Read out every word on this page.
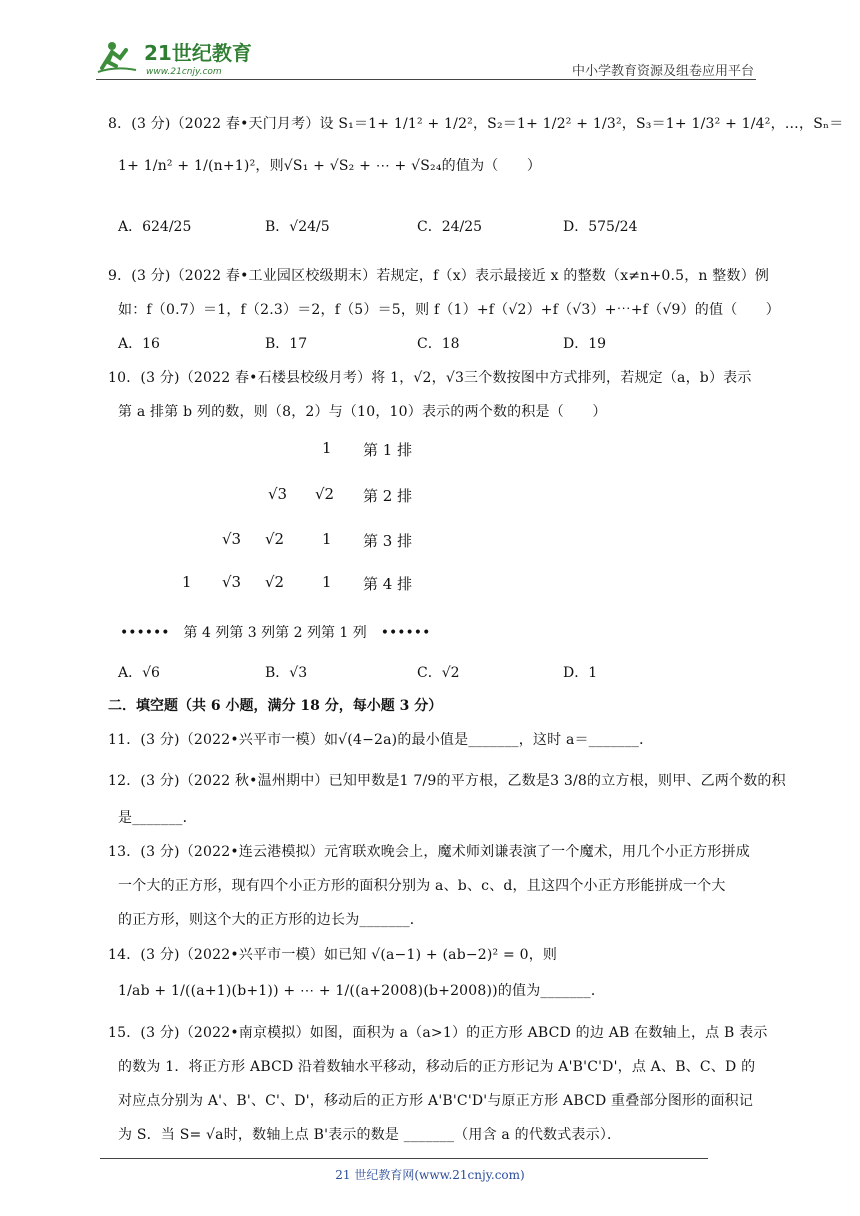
21世纪教育
www.21cnjy.com	中小学教育资源及组卷应用平台
8．(3 分)（2022 春•天门月考）设 S₁＝1+ 1/1² + 1/2²，S₂＝1+ 1/2² + 1/3²，S₃＝1+ 1/3² + 1/4²，…，Sₙ＝
1+ 1/n² + 1/(n+1)²，则√S₁ + √S₂ + ⋯ + √S₂₄的值为（　　）
A．624/25	B．√24/5	C．24/25	D．575/24
9．(3 分)（2022 春•工业园区校级期末）若规定，f（x）表示最接近 x 的整数（x≠n+0.5，n 整数）例
如：f（0.7）＝1，f（2.3）＝2，f（5）＝5，则 f（1）+f（√2）+f（√3）+⋯+f（√9）的值（　　）
A．16	B．17	C．18	D．19
10．(3 分)（2022 春•石楼县校级月考）将 1，√2，√3三个数按图中方式排列，若规定（a，b）表示
第 a 排第 b 列的数，则（8，2）与（10，10）表示的两个数的积是（　　）
1 第 1 排
√3 √2 第 2 排
√3 √2	1 第 3 排
1 √3 √2	1 第 4 排
••••••　第 4 列第 3 列第 2 列第 1 列　••••••
A．√6	B．√3	C．√2	D．1
二．填空题（共 6 小题，满分 18 分，每小题 3 分）
11．(3 分)（2022•兴平市一模）如√(4−2a)的最小值是_______，这时 a＝_______．
12．(3 分)（2022 秋•温州期中）已知甲数是1 7/9的平方根，乙数是3 3/8的立方根，则甲、乙两个数的积
是_______．
13．(3 分)（2022•连云港模拟）元宵联欢晚会上，魔术师刘谦表演了一个魔术，用几个小正方形拼成
一个大的正方形，现有四个小正方形的面积分别为 a、b、c、d，且这四个小正方形能拼成一个大
的正方形，则这个大的正方形的边长为_______．
14．(3 分)（2022•兴平市一模）如已知 √(a−1) + (ab−2)² = 0，则
1/ab + 1/((a+1)(b+1)) + ⋯ + 1/((a+2008)(b+2008))的值为_______．
15．(3 分)（2022•南京模拟）如图，面积为 a（a>1）的正方形 ABCD 的边 AB 在数轴上，点 B 表示
的数为 1．将正方形 ABCD 沿着数轴水平移动，移动后的正方形记为 A'B'C'D'，点 A、B、C、D 的
对应点分别为 A'、B'、C'、D'，移动后的正方形 A'B'C'D'与原正方形 ABCD 重叠部分图形的面积记
为 S．当 S= √a时，数轴上点 B'表示的数是 _______（用含 a 的代数式表示）．
21 世纪教育网(www.21cnjy.com)
